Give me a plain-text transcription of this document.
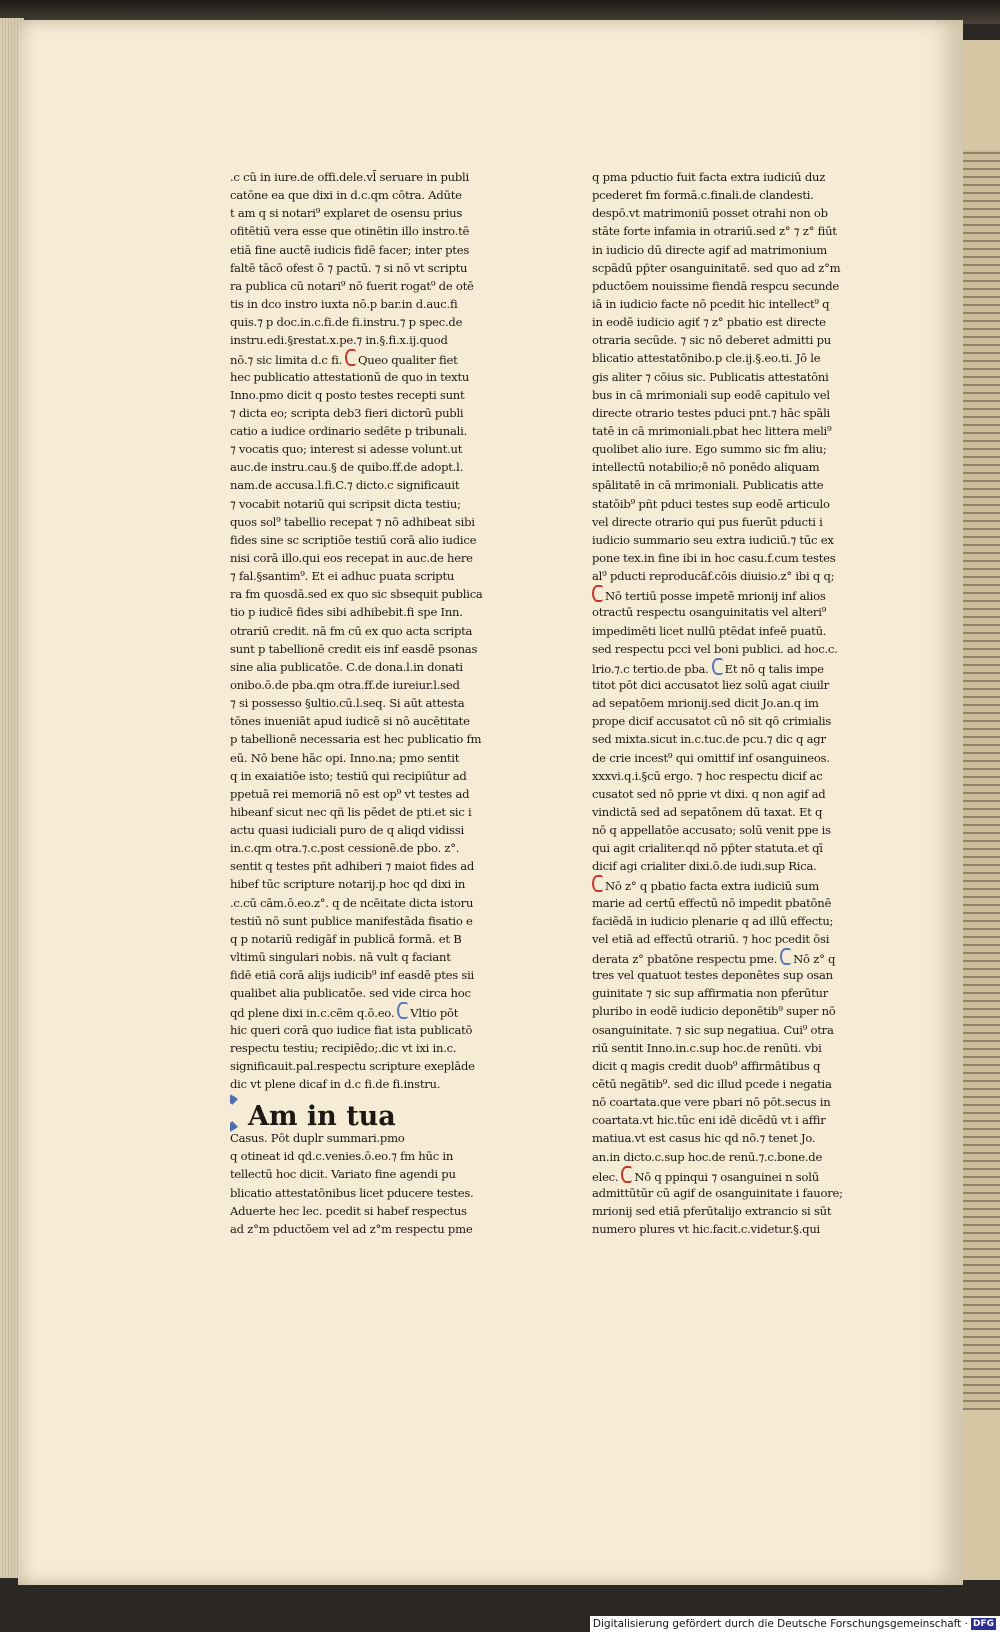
.c cũ in iure.de offi.dele.vl̄ seruare in publi
catōne ea que dixi in d.c.qm cōtra. Adūte
t am q si notari⁹ explaret de osensu prius
ofitētiū vera esse que otinētin illo instro.tē
etiā fine auctē iudicis fidē facer; inter ptes
faltē tācō ofest ō ⁊ pactū. ⁊ si nō vt scriptu
ra publica cū notari⁹ nō fuerit rogat⁹ de otē
tis in dco instro iuxta nō.p bar.in d.auc.fi
quis.⁊ p doc.in.c.fi.de fi.instru.⁊ p spec.de
instru.edi.§restat.x.pe.⁊ in.§.fi.x.ij.quod
nō.⁊ sic limita d.c fi. Queo qualiter fiet
hec publicatio attestationū de quo in textu
Inno.pmo dicit q posto testes recepti sunt
⁊ dicta eo; scripta deb3 fieri dictorū publi
catio a iudice ordinario sedēte p tribunali.
⁊ vocatis quo; interest si adesse volunt.ut
auc.de instru.cau.§ de quibo.ff.de adopt.l.
nam.de accusa.l.fi.C.⁊ dicto.c significauit
⁊ vocabit notariū qui scripsit dicta testiu;
quos sol⁹ tabellio recepat ⁊ nō adhibeat sibi
fides sine sc scriptiōe testiū corā alio iudice
nisi corā illo.qui eos recepat in auc.de here
⁊ fal.§santim⁹. Et ei adhuc puata scriptu
ra fm quosdā.sed ex quo sic sbsequit publica
tio p iudicē fides sibi adhibebit.fi spe Inn.
otrariū credit. nā fm cū ex quo acta scripta
sunt p tabellionē credit eis inf easdē psonas
sine alia publicatōe. C.de dona.l.in donati
onibo.ō.de pba.qm otra.ff.de iureiur.l.sed
⁊ si possesso §ultio.cū.l.seq. Si aūt attesta
tōnes inueniāt apud iudicē si nō aucētitate
p tabellionē necessaria est hec publicatio fm
eū. Nō bene hāc opi. Inno.na; pmo sentit
q in exaiatiōe isto; testiū qui recipiūtur ad
ppetuā rei memoriā nō est op⁹ vt testes ad
hibeanf sicut nec qñ lis pēdet de pti.et sic i
actu quasi iudiciali puro de q aliqd vidissi
in.c.qm otra.⁊.c.post cessionē.de pbo. z°.
sentit q testes pñt adhiberi ⁊ maiot fides ad
hibef tūc scripture notarij.p hoc qd dixi in
.c.cū cām.ō.eo.z°. q de ncēitate dicta istoru
testiū nō sunt publice manifestāda fisatio e
q p notariū redigāf in publicā formā. et B
vltimū singulari nobis. nā vult q faciant
fidē etiā corā alijs iudicib⁹ inf easdē ptes sii
qualibet alia publicatōe. sed vide circa hoc
qd plene dixi in.c.cēm q.ō.eo. Vltio pōt
hic queri corā quo iudice fiat ista publicatō
respectu testiu; recipiēdo;.dic vt ixi in.c.
significauit.pal.respectu scripture exeplāde
dic vt plene dicaf in d.c fi.de fi.instru.
Am in tua
Casus. Pōt duplr summari.pmo
q otineat id qd.c.venies.ō.eo.⁊ fm hūc in
tellectū hoc dicit. Variato fine agendi pu
blicatio attestatōnibus licet pducere testes.
Aduerte hec lec. pcedit si habef respectus
ad z°m pductōem vel ad z°m respectu pme
q pma pductio fuit facta extra iudiciū duz
pcederet fm formā.c.finali.de clandesti.
despō.vt matrimoniū posset otrahi non ob
stāte forte infamia in otrariū.sed z° ⁊ z° fiūt
in iudicio dū directe agif ad matrimonium
scpādū pp̄ter osanguinitatē. sed quo ad z°m
pductōem nouissime fiendā respcu secunde
iā in iudicio facte nō pcedit hic intellect⁹ q
in eodē iudicio agiť ⁊ z° pbatio est directe
otraria secūde. ⁊ sic nō deberet admitti pu
blicatio attestatōnibo.p cle.ij.§.eo.ti. Jō le
gis aliter ⁊ cōius sic. Publicatis attestatōni
bus in cā mrimoniali sup eodē capitulo vel
directe otrario testes pduci pnt.⁊ hāc spāli
tatē in cā mrimoniali.pbat hec littera meli⁹
quolibet alio iure. Ego summo sic fm aliu;
intellectū notabilio;ē nō ponēdo aliquam
spālitatē in cā mrimoniali. Publicatis atte
statōib⁹ pñt pduci testes sup eodē articulo
vel directe otrario qui pus fuerūt pducti i
iudicio summario seu extra iudiciū.⁊ tūc ex
pone tex.in fine ibi in hoc casu.f.cum testes
al⁹ pducti reproducāf.cōis diuisio.z° ibi q q;
Nō tertiū posse impetē mrionij inf alios
otractū respectu osanguinitatis vel alteri⁹
impedimēti licet nullū ptēdat infeē puatū.
sed respectu pcci vel boni publici. ad hoc.c.
lrio.⁊.c tertio.de pba. Et nō q talis impe
titot pōt dici accusatot liez solū agat ciuilr
ad sepatōem mrionij.sed dicit Jo.an.q im
prope dicif accusatot cū nō sit qō crimialis
sed mixta.sicut in.c.tuc.de pcu.⁊ dic q agr
de crie incest⁹ qui omittif inf osanguineos.
xxxvi.q.i.§cū ergo. ⁊ hoc respectu dicif ac
cusatot sed nō pprie vt dixi. q non agif ad
vindictā sed ad sepatōnem dū taxat. Et q
nō q appellatōe accusato; solū venit ppe is
qui agit crialiter.qd nō pp̄ter statuta.et qī
dicif agi crialiter dixi.ō.de iudi.sup Rica.
Nō z° q pbatio facta extra iudiciū sum
marie ad certū effectū nō impedit pbatōnē
faciēdā in iudicio plenarie q ad illū effectu;
vel etiā ad effectū otrariū. ⁊ hoc pcedit ōsi
derata z° pbatōne respectu pme. Nō z° q
tres vel quatuot testes deponētes sup osan
guinitate ⁊ sic sup affirmatia non pferūtur
pluribo in eodē iudicio deponētib⁹ super nō
osanguinitate. ⁊ sic sup negatiua. Cui⁹ otra
riū sentit Inno.in.c.sup hoc.de renūti. vbi
dicit q magis credit duob⁹ affirmātibus q
cētū negātib⁹. sed dic illud pcede i negatia
nō coartata.que vere pbari nō pōt.secus in
coartata.vt hic.tūc eni idē dicēdū vt i affir
matiua.vt est casus hic qd nō.⁊ tenet Jo.
an.in dicto.c.sup hoc.de renū.⁊.c.bone.de
elec. Nō q ppinqui ⁊ osanguinei n solū
admittūtūr cū agif de osanguinitate i fauore;
mrionij sed etiā pferūtalijo extrancio si sūt
numero plures vt hic.facit.c.videtur.§.qui
Digitalisierung gefördert durch die Deutsche Forschungsgemeinschaft · DFG
